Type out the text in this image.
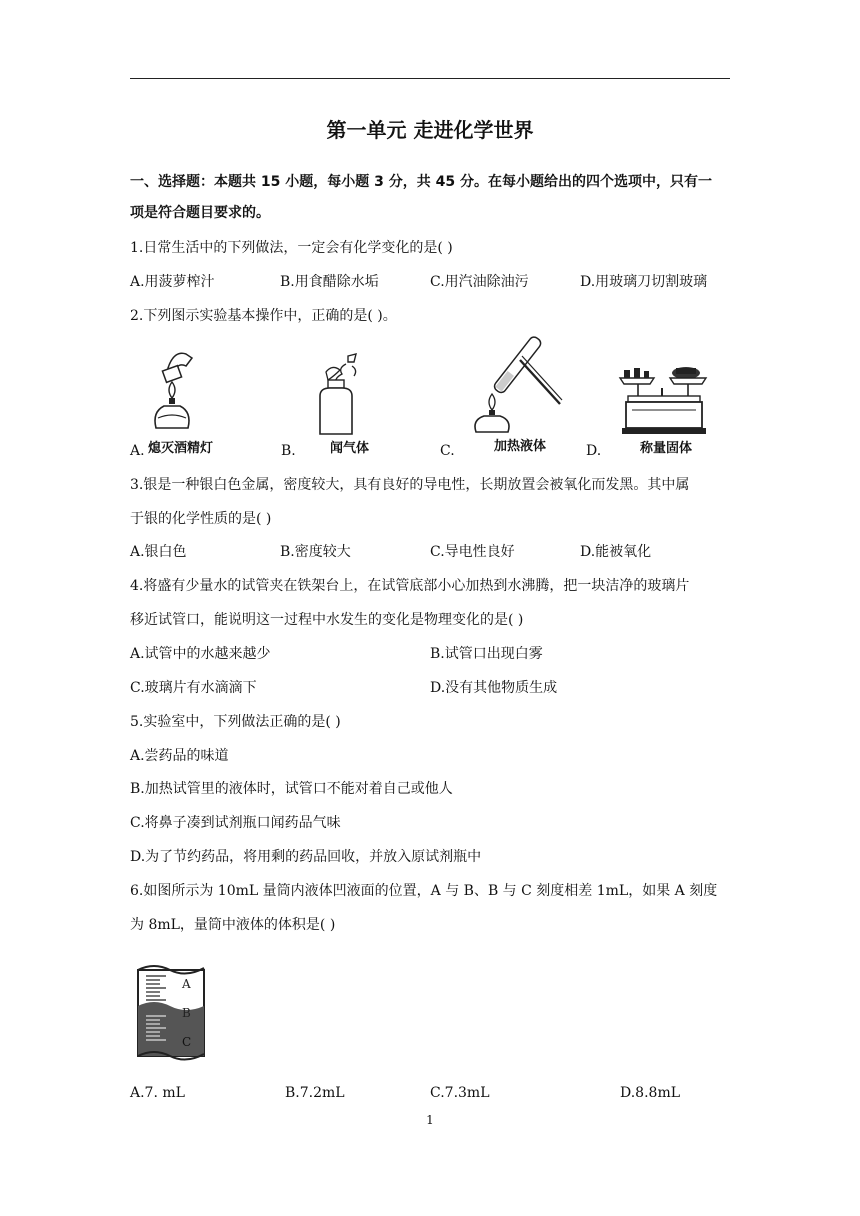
第一单元 走进化学世界
一、选择题：本题共 15 小题，每小题 3 分，共 45 分。在每小题给出的四个选项中，只有一
项是符合题目要求的。
1.日常生活中的下列做法，一定会有化学变化的是( )
A.用菠萝榨汁	B.用食醋除水垢	C.用汽油除油污	D.用玻璃刀切割玻璃
2.下列图示实验基本操作中，正确的是( )。
A. 熄灭酒精灯	B.	闻气体	C.	加热液体	D.	称量固体
3.银是一种银白色金属，密度较大，具有良好的导电性，长期放置会被氧化而发黑。其中属
于银的化学性质的是( )
A.银白色	B.密度较大	C.导电性良好	D.能被氧化
4.将盛有少量水的试管夹在铁架台上，在试管底部小心加热到水沸腾，把一块洁净的玻璃片
移近试管口，能说明这一过程中水发生的变化是物理变化的是( )
A.试管中的水越来越少	B.试管口出现白雾
C.玻璃片有水滴滴下	D.没有其他物质生成
5.实验室中，下列做法正确的是( )
A.尝药品的味道
B.加热试管里的液体时，试管口不能对着自己或他人
C.将鼻子凑到试剂瓶口闻药品气味
D.为了节约药品，将用剩的药品回收，并放入原试剂瓶中
6.如图所示为 10mL 量筒内液体凹液面的位置，A 与 B、B 与 C 刻度相差 1mL，如果 A 刻度
为 8mL，量筒中液体的体积是( )
A
B
C
A.7. mL	B.7.2mL	C.7.3mL	D.8.8mL
1
